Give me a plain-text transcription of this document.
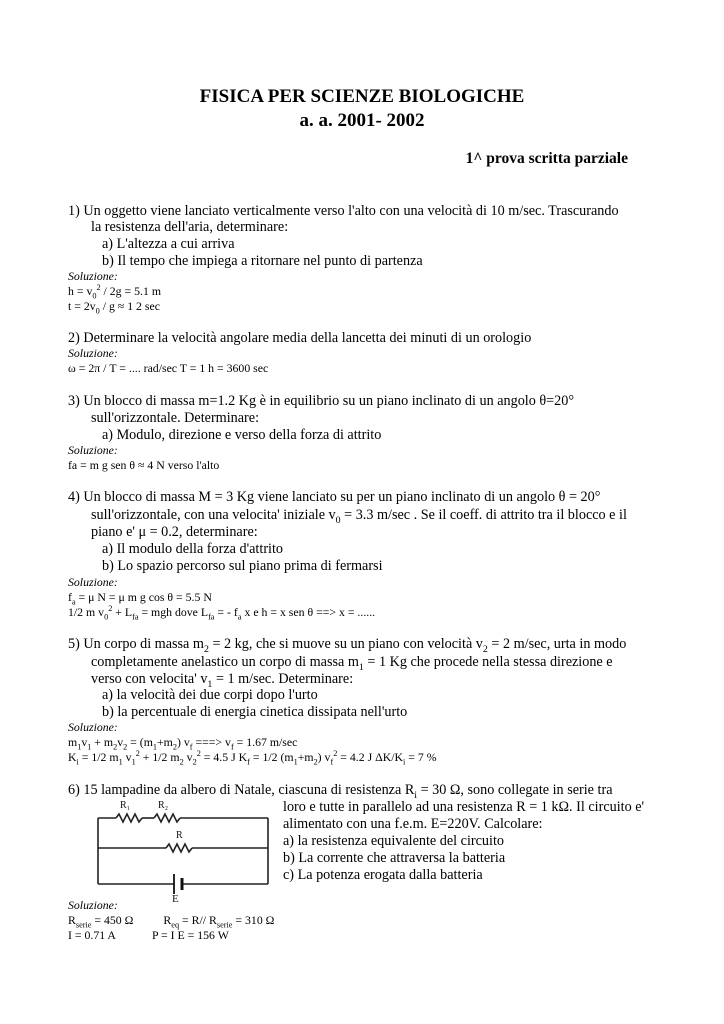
FISICA PER SCIENZE BIOLOGICHE
a. a. 2001- 2002
1^ prova scritta parziale
1) Un oggetto viene lanciato verticalmente verso l'alto con una velocità di 10 m/sec. Trascurando
la resistenza dell'aria, determinare:
a) L'altezza a cui arriva
b) Il tempo che impiega a ritornare nel punto di partenza
Soluzione:
$h = v_0^2 / 2g = 5.1$ m
$t = 2v_0 / g \approx 1$ 2 sec
2) Determinare la velocità angolare media della lancetta dei minuti di un orologio
Soluzione:
ω = 2π / T = .... rad/sec T = 1 h = 3600 sec
3) Un blocco di massa m=1.2 Kg è in equilibrio su un piano inclinato di un angolo θ=20°
sull'orizzontale. Determinare:
a) Modulo, direzione e verso della forza di attrito
Soluzione:
fa = m g sen θ ≈ 4 N verso l'alto
4) Un blocco di massa M = 3 Kg viene lanciato su per un piano inclinato di un angolo θ = 20°
sull'orizzontale, con una velocita' iniziale $v_0 = 3.3$ m/sec . Se il coeff. di attrito tra il blocco e il
piano e' μ = 0.2, determinare:
a) Il modulo della forza d'attrito
b) Lo spazio percorso sul piano prima di fermarsi
Soluzione:
$f_a = \mu$ N = μ m g cos θ = 5.5 N
1/2 m $v_0^2 + L_{fa}$ = mgh dove $L_{fa}$ = - $f_a$ x e h = x sen θ ==> x = ......
5) Un corpo di massa $m_2 = 2$ kg, che si muove su un piano con velocità $v_2 = 2$ m/sec, urta in modo
completamente anelastico un corpo di massa $m_1 = 1$ Kg che procede nella stessa direzione e
verso con velocita' $v_1 = 1$ m/sec. Determinare:
a) la velocità dei due corpi dopo l'urto
b) la percentuale di energia cinetica dissipata nell'urto
Soluzione:
$m_1v_1 + m_2v_2 = (m_1+m_2)$ $v_f$ ===> $v_f = 1.67$ m/sec
$K_i = 1/2$ $m_1$ $v_1^2 + 1/2$ $m_2$ $v_2^2 = 4.5$ J $K_f = 1/2$ $(m_1+m_2) v_f^2 = 4.2$ J $\Delta K/K_i = 7$ %
6) 15 lampadine da albero di Natale, ciascuna di resistenza $R_i = 30$ Ω, sono collegate in serie tra
loro e tutte in parallelo ad una resistenza R = 1 kΩ. Il circuito e'
alimentato con una f.e.m. E=220V. Calcolare:
a) la resistenza equivalente del circuito
b) La corrente che attraversa la batteria
c) La potenza erogata dalla batteria
R₁	R₂
R
E
Soluzione:
$R_{serie} = 450$ Ω	$R_{eq} = R//$ $R_{serie} = 310$ Ω
I = 0.71 A	P = I E = 156 W
